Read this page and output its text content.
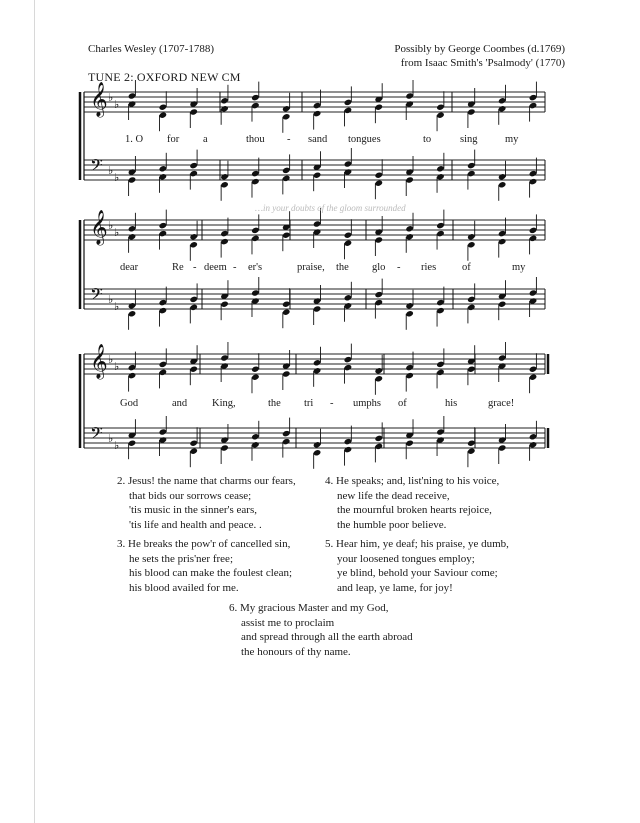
Charles Wesley (1707-1788)	Possibly by George Coombes (d.1769)
from Isaac Smith's 'Psalmody' (1770)
TUNE 2: OXFORD NEW CM
𝄞 ♭
♭
𝄢 ♭
♭
𝄞 ♭
♭
𝄢 ♭
♭
𝄞 ♭
♭
𝄢 ♭
♭
…in your doubts of the gloom surrounded
1. O for a	thou - sand tongues	to	sing	my
dear	Re - deem - er's	praise, the glo - ries of	my
God	and King,	the tri - umphs of	his	grace!
2. Jesus! the name that charms our fears,
that bids our sorrows cease;
'tis music in the sinner's ears,
'tis life and health and peace. .
3. He breaks the pow'r of cancelled sin,
he sets the pris'ner free;
his blood can make the foulest clean;
his blood availed for me.
4. He speaks; and, list'ning to his voice,
new life the dead receive,
the mournful broken hearts rejoice,
the humble poor believe.
5. Hear him, ye deaf; his praise, ye dumb,
your loosened tongues employ;
ye blind, behold your Saviour come;
and leap, ye lame, for joy!
6. My gracious Master and my God,
assist me to proclaim
and spread through all the earth abroad
the honours of thy name.
